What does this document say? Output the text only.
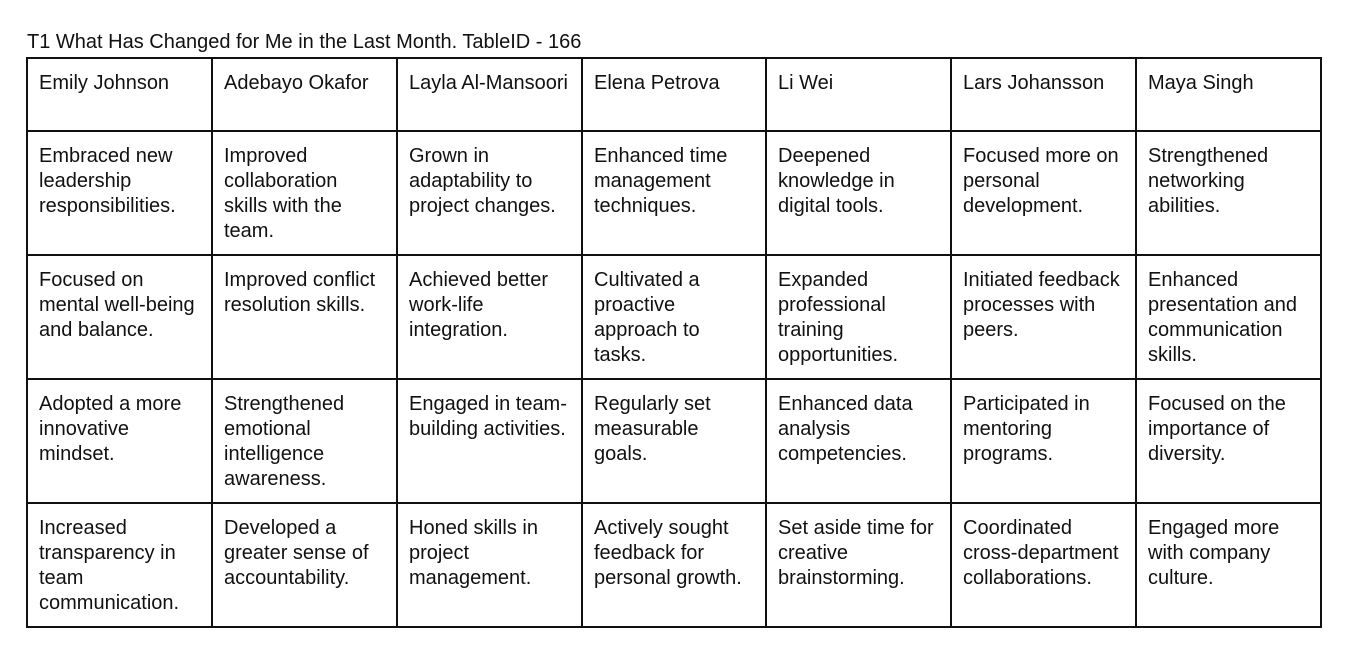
T1 What Has Changed for Me in the Last Month. TableID - 166
Emily Johnson	Adebayo Okafor	Layla Al-Mansoori	Elena Petrova	Li Wei	Lars Johansson	Maya Singh
Embraced new leadership responsibilities.	Improved collaboration skills with the team.	Grown in adaptability to project changes.	Enhanced time management techniques.	Deepened knowledge in digital tools.	Focused more on personal development.	Strengthened networking abilities.
Focused on mental well-being and balance.	Improved conflict resolution skills.	Achieved better work-life integration.	Cultivated a proactive approach to tasks.	Expanded professional training opportunities.	Initiated feedback processes with peers.	Enhanced presentation and communication skills.
Adopted a more innovative mindset.	Strengthened emotional intelligence awareness.	Engaged in team-building activities.	Regularly set measurable goals.	Enhanced data analysis competencies.	Participated in mentoring programs.	Focused on the importance of diversity.
Increased transparency in team communication.	Developed a greater sense of accountability.	Honed skills in project management.	Actively sought feedback for personal growth.	Set aside time for creative brainstorming.	Coordinated cross-department collaborations.	Engaged more with company culture.
